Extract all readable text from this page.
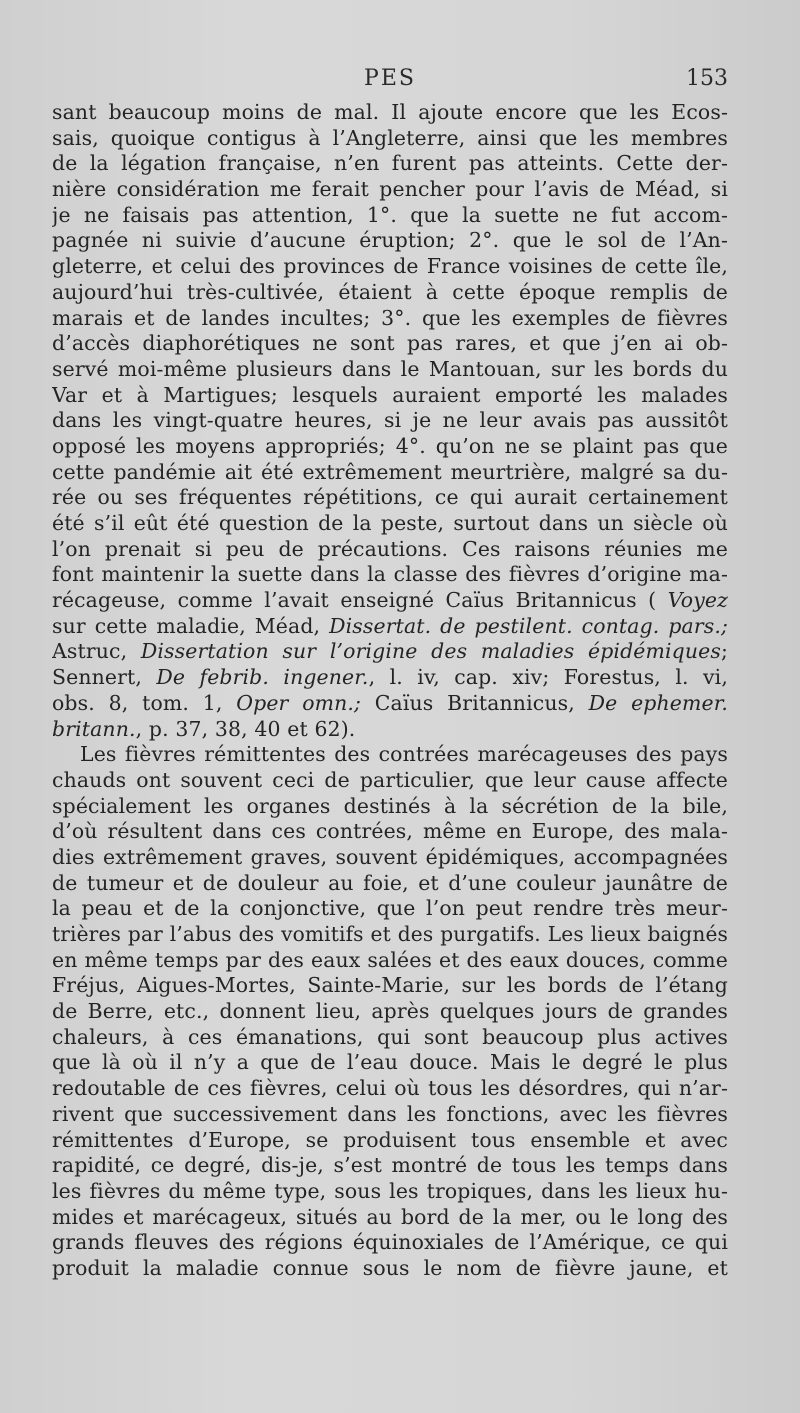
PES	153
sant beaucoup moins de mal. Il ajoute encore que les Ecos-
sais, quoique contigus à l’Angleterre, ainsi que les membres
de la légation française, n’en furent pas atteints. Cette der-
nière considération me ferait pencher pour l’avis de Méad, si
je ne faisais pas attention, 1°. que la suette ne fut accom-
pagnée ni suivie d’aucune éruption; 2°. que le sol de l’An-
gleterre, et celui des provinces de France voisines de cette île,
aujourd’hui très-cultivée, étaient à cette époque remplis de
marais et de landes incultes; 3°. que les exemples de fièvres
d’accès diaphorétiques ne sont pas rares, et que j’en ai ob-
servé moi-même plusieurs dans le Mantouan, sur les bords du
Var et à Martigues; lesquels auraient emporté les malades
dans les vingt-quatre heures, si je ne leur avais pas aussitôt
opposé les moyens appropriés; 4°. qu’on ne se plaint pas que
cette pandémie ait été extrêmement meurtrière, malgré sa du-
rée ou ses fréquentes répétitions, ce qui aurait certainement
été s’il eût été question de la peste, surtout dans un siècle où
l’on prenait si peu de précautions. Ces raisons réunies me
font maintenir la suette dans la classe des fièvres d’origine ma-
récageuse, comme l’avait enseigné Caïus Britannicus ( Voyez
sur cette maladie, Méad, Dissertat. de pestilent. contag. pars.;
Astruc, Dissertation sur l’origine des maladies épidémiques;
Sennert, De febrib. ingener., l. iv, cap. xiv; Forestus, l. vi,
obs. 8, tom. 1, Oper omn.; Caïus Britannicus, De ephemer.
britann., p. 37, 38, 40 et 62).
Les fièvres rémittentes des contrées marécageuses des pays
chauds ont souvent ceci de particulier, que leur cause affecte
spécialement les organes destinés à la sécrétion de la bile,
d’où résultent dans ces contrées, même en Europe, des mala-
dies extrêmement graves, souvent épidémiques, accompagnées
de tumeur et de douleur au foie, et d’une couleur jaunâtre de
la peau et de la conjonctive, que l’on peut rendre très meur-
trières par l’abus des vomitifs et des purgatifs. Les lieux baignés
en même temps par des eaux salées et des eaux douces, comme
Fréjus, Aigues-Mortes, Sainte-Marie, sur les bords de l’étang
de Berre, etc., donnent lieu, après quelques jours de grandes
chaleurs, à ces émanations, qui sont beaucoup plus actives
que là où il n’y a que de l’eau douce. Mais le degré le plus
redoutable de ces fièvres, celui où tous les désordres, qui n’ar-
rivent que successivement dans les fonctions, avec les fièvres
rémittentes d’Europe, se produisent tous ensemble et avec
rapidité, ce degré, dis-je, s’est montré de tous les temps dans
les fièvres du même type, sous les tropiques, dans les lieux hu-
mides et marécageux, situés au bord de la mer, ou le long des
grands fleuves des régions équinoxiales de l’Amérique, ce qui
produit la maladie connue sous le nom de fièvre jaune, et
